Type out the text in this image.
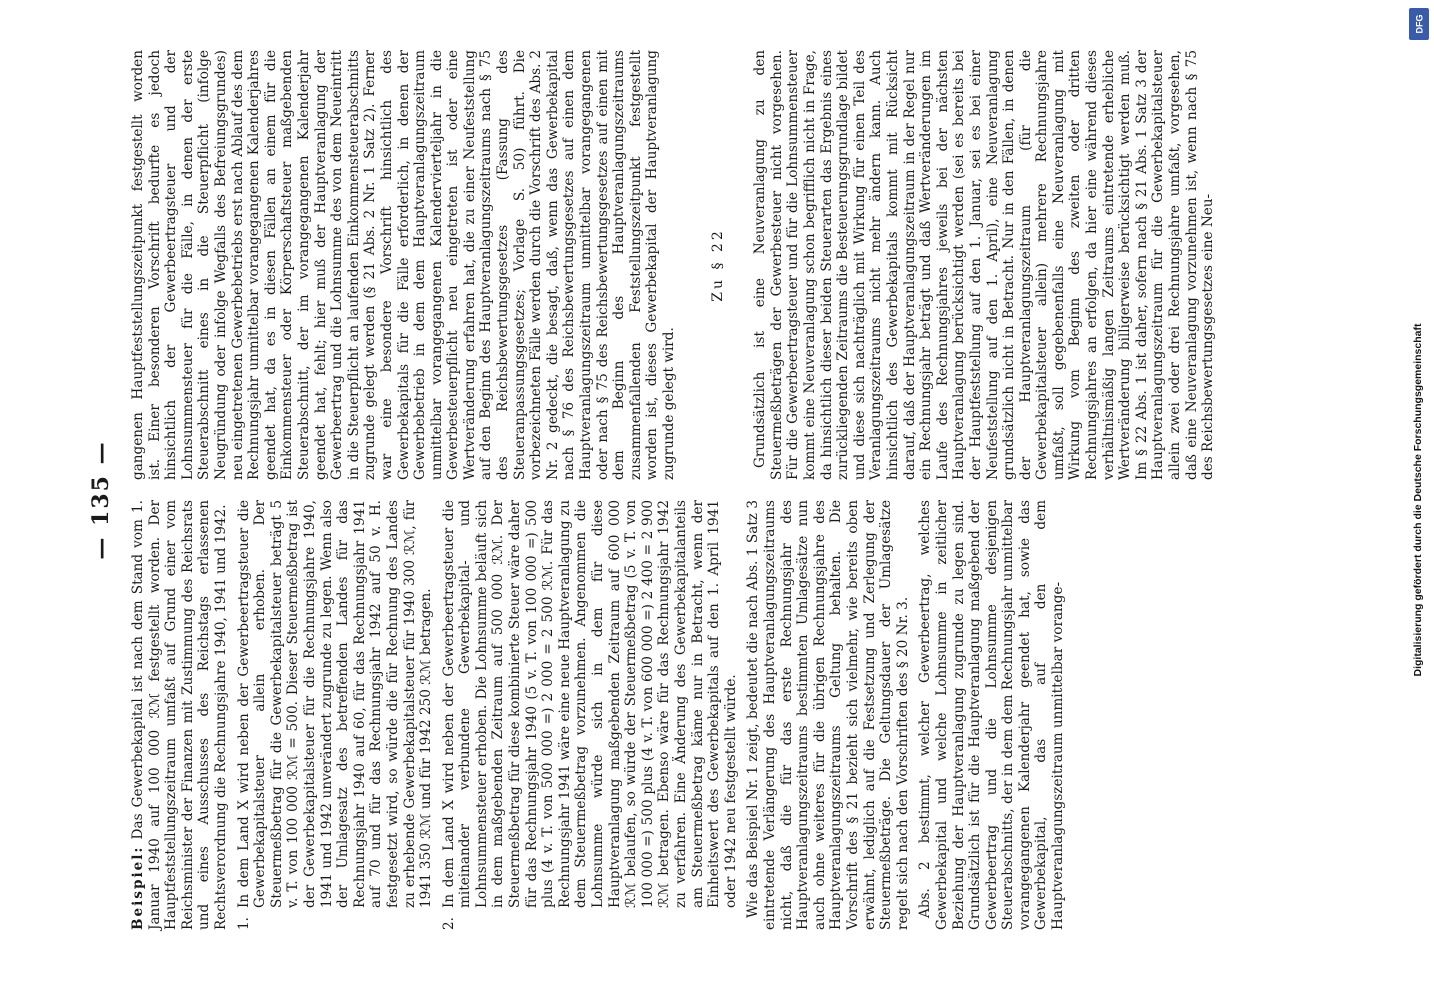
— 135 —

Beispiel: Das Gewerbekapital ist nach dem Stand vom 1. Januar 1940 auf 100 000 ℛℳ festgestellt worden. Der Hauptfeststellungszeitraum umfaßt auf Grund einer vom Reichsminister der Finanzen mit Zustimmung des Reichsrats und eines Ausschusses des Reichstags erlassenen Rechtsverordnung die Rechnungsjahre 1940, 1941 und 1942. 1.
In dem Land X wird neben der Gewerbeertragsteuer die Gewerbekapitalsteuer allein erhoben. Der Steuermeßbetrag für die Gewerbekapitalsteuer beträgt 5 v. T. von 100 000 ℛℳ = 500. Dieser Steuermeßbetrag ist der Gewerbekapitalsteuer für die Rechnungsjahre 1940, 1941 und 1942 unverändert zugrunde zu legen. Wenn also der Umlagesatz des betreffenden Landes für das Rechnungsjahr 1940 auf 60, für das Rechnungsjahr 1941 auf 70 und für das Rechnungsjahr 1942 auf 50 v. H. festgesetzt wird, so würde die für Rechnung des Landes zu erhebende Gewerbekapitalsteuer für 1940 300 ℛℳ, für 1941 350 ℛℳ und für 1942 250 ℛℳ betragen.
2.
In dem Land X wird neben der Gewerbeertragsteuer die miteinander verbundene Gewerbekapital- und Lohnsummensteuer erhoben. Die Lohnsumme beläuft sich in dem maßgebenden Zeitraum auf 500 000 ℛℳ. Der Steuermeßbetrag für diese kombinierte Steuer wäre daher für das Rechnungsjahr 1940 (5 v. T. von 100 000 =) 500 plus (4 v. T. von 500 000 =) 2 000 = 2 500 ℛℳ. Für das Rechnungsjahr 1941 wäre eine neue Hauptveranlagung zu dem Steuermeßbetrag vorzunehmen. Angenommen die Lohnsumme würde sich in dem für diese Hauptveranlagung maßgebenden Zeitraum auf 600 000 ℛℳ belaufen, so würde der Steuermeßbetrag (5 v. T. von 100 000 =) 500 plus (4 v. T. von 600 000 =) 2 400 = 2 900 ℛℳ betragen. Ebenso wäre für das Rechnungsjahr 1942 zu verfahren. Eine Änderung des Gewerbekapitalanteils am Steuermeßbetrag käme nur in Betracht, wenn der Einheitswert des Gewerbekapitals auf den 1. April 1941 oder 1942 neu festgestellt würde. Wie das Beispiel Nr. 1 zeigt, bedeutet die nach Abs. 1 Satz 3 eintretende Verlängerung des Hauptveranlagungszeitraums nicht, daß die für das erste Rechnungsjahr des Hauptveranlagungszeitraums bestimmten Umlagesätze nun auch ohne weiteres für die übrigen Rechnungsjahre des Hauptveranlagungszeitraums Geltung behalten. Die Vorschrift des § 21 bezieht sich vielmehr, wie bereits oben erwähnt, lediglich auf die Festsetzung und Zerlegung der Steuermeßbeträge. Die Geltungsdauer der Umlagesätze regelt sich nach den Vorschriften des § 20 Nr. 3. Abs. 2 bestimmt, welcher Gewerbeertrag, welches Gewerbekapital und welche Lohnsumme in zeitlicher Beziehung der Hauptveranlagung zugrunde zu legen sind. Grundsätzlich ist für die Hauptveranlagung maßgebend der Gewerbeertrag und die Lohnsumme desjenigen Steuerabschnitts, der in dem dem Rechnungsjahr unmittelbar vorangegangenen Kalenderjahr geendet hat, sowie das Gewerbekapital, das auf den dem Hauptveranlagungszeitraum unmittelbar vorange-

gangenen Hauptfeststellungszeitpunkt festgestellt worden ist. Einer besonderen Vorschrift bedurfte es jedoch hinsichtlich der Gewerbeertragsteuer und der Lohnsummensteuer für die Fälle, in denen der erste Steuerabschnitt eines in die Steuerpflicht (infolge Neugründung oder infolge Wegfalls des Befreiungsgrundes) neu eingetretenen Gewerbebetriebs erst nach Ablauf des dem Rechnungsjahr unmittelbar vorangegangenen Kalenderjahres geendet hat, da es in diesen Fällen an einem für die Einkommensteuer oder Körperschaftsteuer maßgebenden Steuerabschnitt, der im vorangegangenen Kalenderjahr geendet hat, fehlt; hier muß der Hauptveranlagung der Gewerbeertrag und die Lohnsumme des von dem Neueintritt in die Steuerpflicht an laufenden Einkommensteuerabschnitts zugrunde gelegt werden (§ 21 Abs. 2 Nr. 1 Satz 2). Ferner war eine besondere Vorschrift hinsichtlich des Gewerbekapitals für die Fälle erforderlich, in denen der Gewerbebetrieb in dem dem Hauptveranlagungszeitraum unmittelbar vorangegangenen Kalendervierteljahr in die Gewerbesteuerpflicht neu eingetreten ist oder eine Wertveränderung erfahren hat, die zu einer Neufeststellung auf den Beginn des Hauptveranlagungszeitraums nach § 75 des Reichsbewertungsgesetzes (Fassung des Steueranpassungsgesetzes; Vorlage S. 50) führt. Die vorbezeichneten Fälle werden durch die Vorschrift des Abs. 2 Nr. 2 gedeckt, die besagt, daß, wenn das Gewerbekapital nach § 76 des Reichsbewertungsgesetzes auf einen dem Hauptveranlagungszeitraum unmittelbar vorangegangenen oder nach § 75 des Reichsbewertungsgesetzes auf einen mit dem Beginn des Hauptveranlagungszeitraums zusammenfallenden Feststellungszeitpunkt festgestellt worden ist, dieses Gewerbekapital der Hauptveranlagung zugrunde gelegt wird.

Zu § 22 Grundsätzlich ist eine Neuveranlagung zu den Steuermeßbeträgen der Gewerbesteuer nicht vorgesehen. Für die Gewerbeertragsteuer und für die Lohnsummensteuer kommt eine Neuveranlagung schon begrifflich nicht in Frage, da hinsichtlich dieser beiden Steuerarten das Ergebnis eines zurückliegenden Zeitraums die Besteuerungsgrundlage bildet und diese sich nachträglich mit Wirkung für einen Teil des Veranlagungszeitraums nicht mehr ändern kann. Auch hinsichtlich des Gewerbekapitals kommt mit Rücksicht darauf, daß der Hauptveranlagungszeitraum in der Regel nur ein Rechnungsjahr beträgt und daß Wertveränderungen im Laufe des Rechnungsjahres jeweils bei der nächsten Hauptveranlagung berücksichtigt werden (sei es bereits bei der Hauptfeststellung auf den 1. Januar, sei es bei einer Neufeststellung auf den 1. April), eine Neuveranlagung grundsätzlich nicht in Betracht. Nur in den Fällen, in denen der Hauptveranlagungszeitraum (für die Gewerbekapitalsteuer allein) mehrere Rechnungsjahre umfaßt, soll gegebenenfalls eine Neuveranlagung mit Wirkung vom Beginn des zweiten oder dritten Rechnungsjahres an erfolgen, da hier eine während dieses verhältnismäßig langen Zeitraums eintretende erhebliche Wertveränderung billigerweise berücksichtigt werden muß. Im § 22 Abs. 1 ist daher, sofern nach § 21 Abs. 1 Satz 3 der Hauptveranlagungszeitraum für die Gewerbekapitalsteuer allein zwei oder drei Rechnungsjahre umfaßt, vorgesehen, daß eine Neuveranlagung vorzunehmen ist, wenn nach § 75 des Reichsbewertungsgesetzes eine Neu-

DFG
Digitalisierung gefördert durch die Deutsche Forschungsgemeinschaft
